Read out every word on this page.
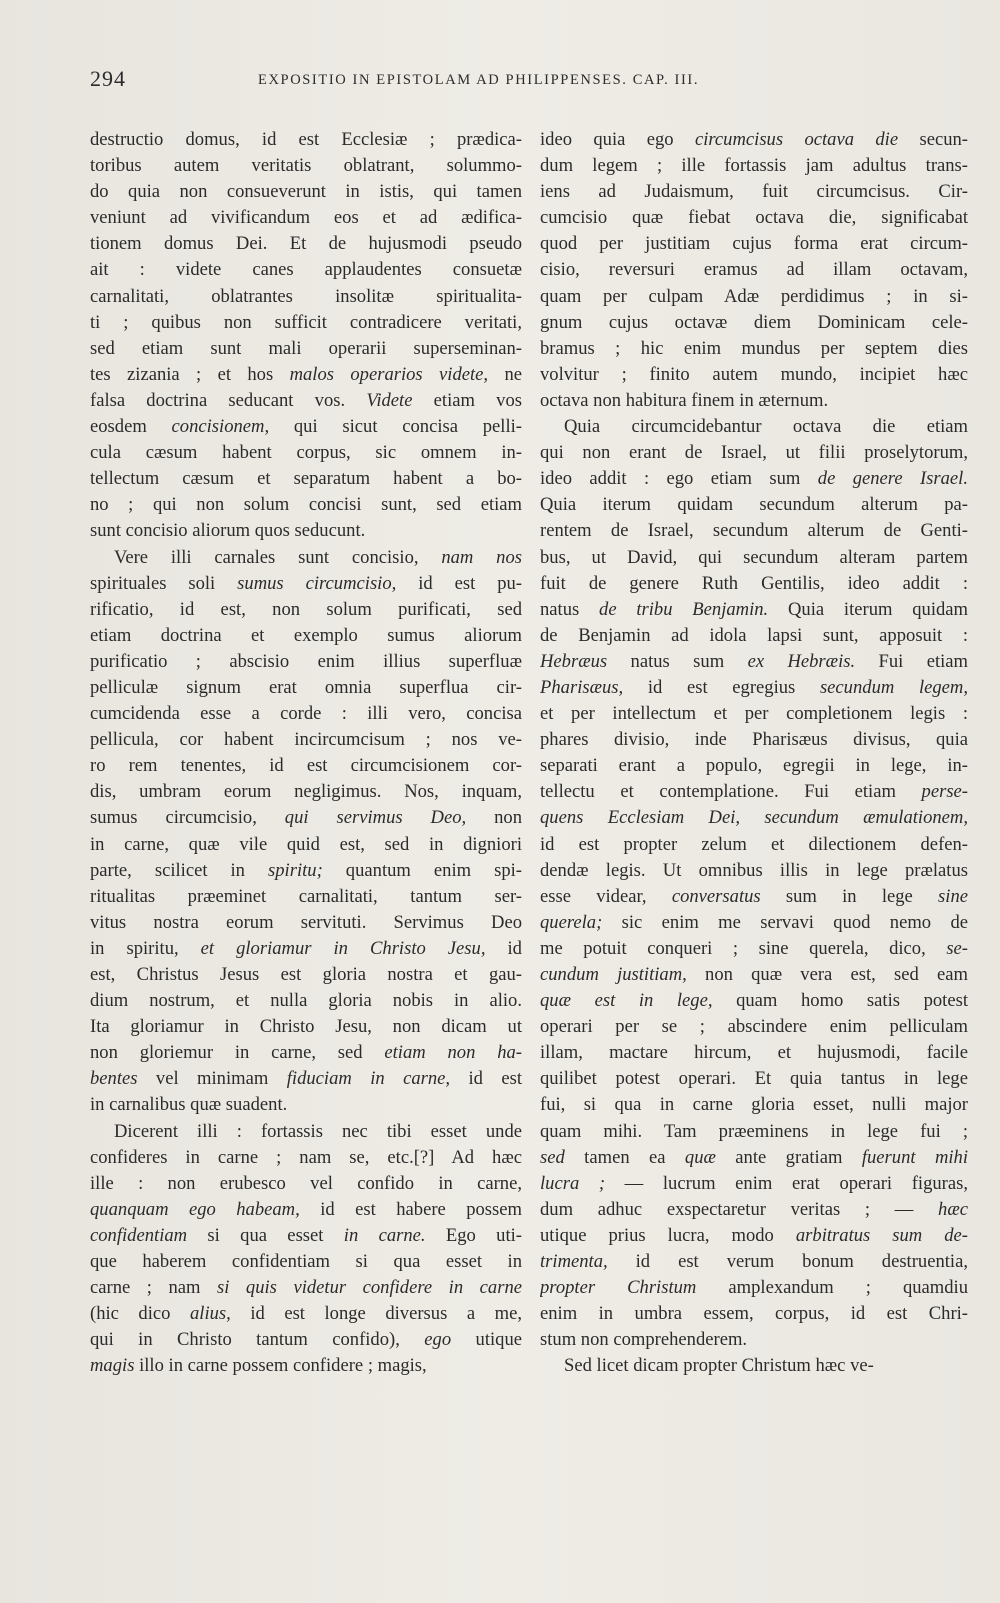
294	EXPOSITIO IN EPISTOLAM AD PHILIPPENSES. CAP. III.
destructio domus, id est Ecclesiæ ; prædica-
toribus autem veritatis oblatrant, solummo-
do quia non consueverunt in istis, qui tamen
veniunt ad vivificandum eos et ad ædifica-
tionem domus Dei. Et de hujusmodi pseudo
ait : videte canes applaudentes consuetæ
carnalitati, oblatrantes insolitæ spiritualita-
ti ; quibus non sufficit contradicere veritati,
sed etiam sunt mali operarii superseminan-
tes zizania ; et hos malos operarios videte, ne
falsa doctrina seducant vos. Videte etiam vos
eosdem concisionem, qui sicut concisa pelli-
cula cæsum habent corpus, sic omnem in-
tellectum cæsum et separatum habent a bo-
no ; qui non solum concisi sunt, sed etiam
sunt concisio aliorum quos seducunt.
Vere illi carnales sunt concisio, nam nos
spirituales soli sumus circumcisio, id est pu-
rificatio, id est, non solum purificati, sed
etiam doctrina et exemplo sumus aliorum
purificatio ; abscisio enim illius superfluæ
pelliculæ signum erat omnia superflua cir-
cumcidenda esse a corde : illi vero, concisa
pellicula, cor habent incircumcisum ; nos ve-
ro rem tenentes, id est circumcisionem cor-
dis, umbram eorum negligimus. Nos, inquam,
sumus circumcisio, qui servimus Deo, non
in carne, quæ vile quid est, sed in digniori
parte, scilicet in spiritu; quantum enim spi-
ritualitas præeminet carnalitati, tantum ser-
vitus nostra eorum servituti. Servimus Deo
in spiritu, et gloriamur in Christo Jesu, id
est, Christus Jesus est gloria nostra et gau-
dium nostrum, et nulla gloria nobis in alio.
Ita gloriamur in Christo Jesu, non dicam ut
non gloriemur in carne, sed etiam non ha-
bentes vel minimam fiduciam in carne, id est
in carnalibus quæ suadent.
Dicerent illi : fortassis nec tibi esset unde
confideres in carne ; nam se, etc.[?] Ad hæc
ille : non erubesco vel confido in carne,
quanquam ego habeam, id est habere possem
confidentiam si qua esset in carne. Ego uti-
que haberem confidentiam si qua esset in
carne ; nam si quis videtur confidere in carne
(hic dico alius, id est longe diversus a me,
qui in Christo tantum confido), ego utique
magis illo in carne possem confidere ; magis,
ideo quia ego circumcisus octava die secun-
dum legem ; ille fortassis jam adultus trans-
iens ad Judaismum, fuit circumcisus. Cir-
cumcisio quæ fiebat octava die, significabat
quod per justitiam cujus forma erat circum-
cisio, reversuri eramus ad illam octavam,
quam per culpam Adæ perdidimus ; in si-
gnum cujus octavæ diem Dominicam cele-
bramus ; hic enim mundus per septem dies
volvitur ; finito autem mundo, incipiet hæc
octava non habitura finem in æternum.
Quia circumcidebantur octava die etiam
qui non erant de Israel, ut filii proselytorum,
ideo addit : ego etiam sum de genere Israel.
Quia iterum quidam secundum alterum pa-
rentem de Israel, secundum alterum de Genti-
bus, ut David, qui secundum alteram partem
fuit de genere Ruth Gentilis, ideo addit :
natus de tribu Benjamin. Quia iterum quidam
de Benjamin ad idola lapsi sunt, apposuit :
Hebræus natus sum ex Hebræis. Fui etiam
Pharisæus, id est egregius secundum legem,
et per intellectum et per completionem legis :
phares divisio, inde Pharisæus divisus, quia
separati erant a populo, egregii in lege, in-
tellectu et contemplatione. Fui etiam perse-
quens Ecclesiam Dei, secundum æmulationem,
id est propter zelum et dilectionem defen-
dendæ legis. Ut omnibus illis in lege prælatus
esse videar, conversatus sum in lege sine
querela; sic enim me servavi quod nemo de
me potuit conqueri ; sine querela, dico, se-
cundum justitiam, non quæ vera est, sed eam
quæ est in lege, quam homo satis potest
operari per se ; abscindere enim pelliculam
illam, mactare hircum, et hujusmodi, facile
quilibet potest operari. Et quia tantus in lege
fui, si qua in carne gloria esset, nulli major
quam mihi. Tam præeminens in lege fui ;
sed tamen ea quæ ante gratiam fuerunt mihi
lucra ; — lucrum enim erat operari figuras,
dum adhuc exspectaretur veritas ; — hæc
utique prius lucra, modo arbitratus sum de-
trimenta, id est verum bonum destruentia,
propter Christum amplexandum ; quamdiu
enim in umbra essem, corpus, id est Chri-
stum non comprehenderem.
Sed licet dicam propter Christum hæc ve-
